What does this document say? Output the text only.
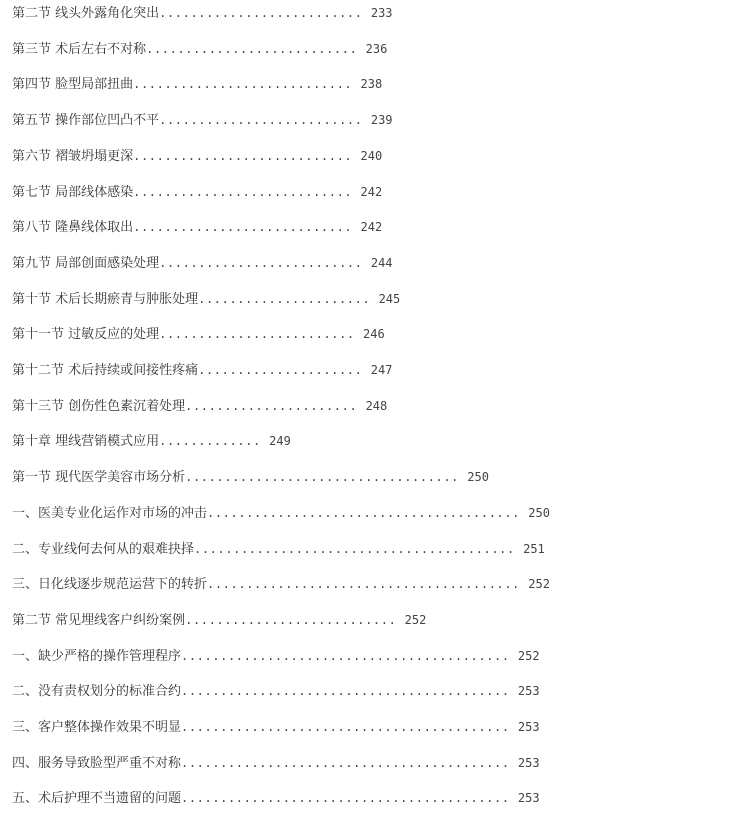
第二节 线头外露角化突出.......................... 233
第三节 术后左右不对称........................... 236
第四节 脸型局部扭曲............................ 238
第五节 操作部位凹凸不平.......................... 239
第六节 褶皱坍塌更深............................ 240
第七节 局部线体感染............................ 242
第八节 隆鼻线体取出............................ 242
第九节 局部创面感染处理.......................... 244
第十节 术后长期瘀青与肿胀处理...................... 245
第十一节 过敏反应的处理......................... 246
第十二节 术后持续或间接性疼痛..................... 247
第十三节 创伤性色素沉着处理...................... 248
第十章 埋线营销模式应用............. 249
第一节 现代医学美容市场分析................................... 250
一、医美专业化运作对市场的冲击........................................ 250
二、专业线何去何从的艰难抉择......................................... 251
三、日化线逐步规范运营下的转折........................................ 252
第二节 常见埋线客户纠纷案例........................... 252
一、缺少严格的操作管理程序.......................................... 252
二、没有责权划分的标准合约.......................................... 253
三、客户整体操作效果不明显.......................................... 253
四、服务导致脸型严重不对称.......................................... 253
五、术后护理不当遗留的问题.......................................... 253
